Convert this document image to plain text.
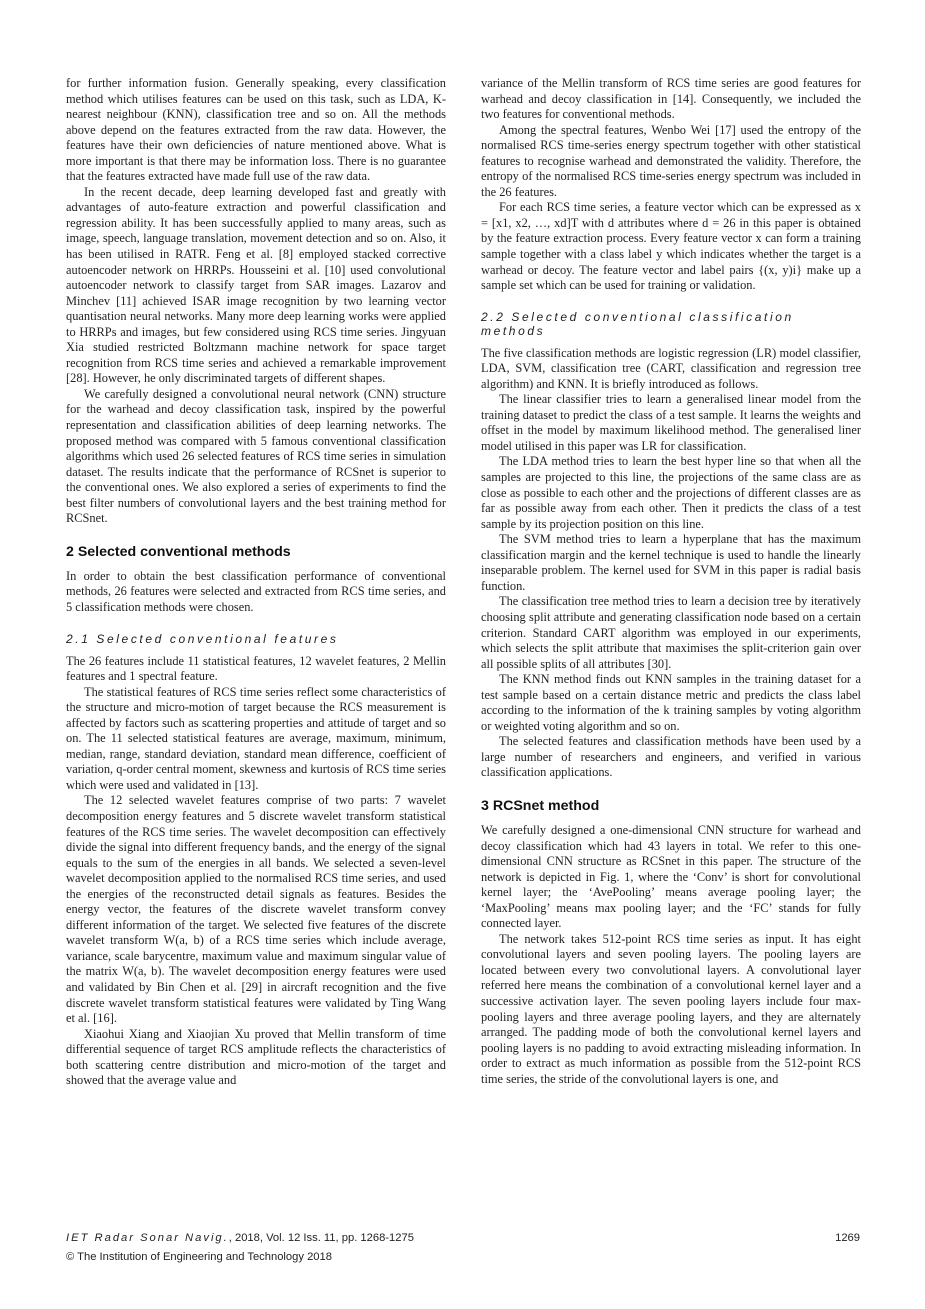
for further information fusion. Generally speaking, every classification method which utilises features can be used on this task, such as LDA, K-nearest neighbour (KNN), classification tree and so on. All the methods above depend on the features extracted from the raw data. However, the features have their own deficiencies of nature mentioned above. What is more important is that there may be information loss. There is no guarantee that the features extracted have made full use of the raw data.

In the recent decade, deep learning developed fast and greatly with advantages of auto-feature extraction and powerful classification and regression ability. It has been successfully applied to many areas, such as image, speech, language translation, movement detection and so on. Also, it has been utilised in RATR. Feng et al. [8] employed stacked corrective autoencoder network on HRRPs. Housseini et al. [10] used convolutional autoencoder network to classify target from SAR images. Lazarov and Minchev [11] achieved ISAR image recognition by two learning vector quantisation neural networks. Many more deep learning works were applied to HRRPs and images, but few considered using RCS time series. Jingyuan Xia studied restricted Boltzmann machine network for space target recognition from RCS time series and achieved a remarkable improvement [28]. However, he only discriminated targets of different shapes.

We carefully designed a convolutional neural network (CNN) structure for the warhead and decoy classification task, inspired by the powerful representation and classification abilities of deep learning networks. The proposed method was compared with 5 famous conventional classification algorithms which used 26 selected features of RCS time series in simulation dataset. The results indicate that the performance of RCSnet is superior to the conventional ones. We also explored a series of experiments to find the best filter numbers of convolutional layers and the best training method for RCSnet.

2 Selected conventional methods

In order to obtain the best classification performance of conventional methods, 26 features were selected and extracted from RCS time series, and 5 classification methods were chosen.

2.1 Selected conventional features

The 26 features include 11 statistical features, 12 wavelet features, 2 Mellin features and 1 spectral feature.

The statistical features of RCS time series reflect some characteristics of the structure and micro-motion of target because the RCS measurement is affected by factors such as scattering properties and attitude of target and so on. The 11 selected statistical features are average, maximum, minimum, median, range, standard deviation, standard mean difference, coefficient of variation, q-order central moment, skewness and kurtosis of RCS time series which were used and validated in [13].

The 12 selected wavelet features comprise of two parts: 7 wavelet decomposition energy features and 5 discrete wavelet transform statistical features of the RCS time series. The wavelet decomposition can effectively divide the signal into different frequency bands, and the energy of the signal equals to the sum of the energies in all bands. We selected a seven-level wavelet decomposition applied to the normalised RCS time series, and used the energies of the reconstructed detail signals as features. Besides the energy vector, the features of the discrete wavelet transform convey different information of the target. We selected five features of the discrete wavelet transform W(a, b) of a RCS time series which include average, variance, scale barycentre, maximum value and maximum singular value of the matrix W(a, b). The wavelet decomposition energy features were used and validated by Bin Chen et al. [29] in aircraft recognition and the five discrete wavelet transform statistical features were validated by Ting Wang et al. [16].

Xiaohui Xiang and Xiaojian Xu proved that Mellin transform of time differential sequence of target RCS amplitude reflects the characteristics of both scattering centre distribution and micro-motion of the target and showed that the average value and

variance of the Mellin transform of RCS time series are good features for warhead and decoy classification in [14]. Consequently, we included the two features for conventional methods.

Among the spectral features, Wenbo Wei [17] used the entropy of the normalised RCS time-series energy spectrum together with other statistical features to recognise warhead and demonstrated the validity. Therefore, the entropy of the normalised RCS time-series energy spectrum was included in the 26 features.

For each RCS time series, a feature vector which can be expressed as x = [x1, x2, …, xd]T with d attributes where d = 26 in this paper is obtained by the feature extraction process. Every feature vector x can form a training sample together with a class label y which indicates whether the target is a warhead or decoy. The feature vector and label pairs {(x, y)i} make up a sample set which can be used for training or validation.

2.2 Selected conventional classification methods

The five classification methods are logistic regression (LR) model classifier, LDA, SVM, classification tree (CART, classification and regression tree algorithm) and KNN. It is briefly introduced as follows.

The linear classifier tries to learn a generalised linear model from the training dataset to predict the class of a test sample. It learns the weights and offset in the model by maximum likelihood method. The generalised liner model utilised in this paper was LR for classification.

The LDA method tries to learn the best hyper line so that when all the samples are projected to this line, the projections of the same class are as close as possible to each other and the projections of different classes are as far as possible away from each other. Then it predicts the class of a test sample by its projection position on this line.

The SVM method tries to learn a hyperplane that has the maximum classification margin and the kernel technique is used to handle the linearly inseparable problem. The kernel used for SVM in this paper is radial basis function.

The classification tree method tries to learn a decision tree by iteratively choosing split attribute and generating classification node based on a certain criterion. Standard CART algorithm was employed in our experiments, which selects the split attribute that maximises the split-criterion gain over all possible splits of all attributes [30].

The KNN method finds out KNN samples in the training dataset for a test sample based on a certain distance metric and predicts the class label according to the information of the k training samples by voting algorithm or weighted voting algorithm and so on.

The selected features and classification methods have been used by a large number of researchers and engineers, and verified in various classification applications.

3 RCSnet method

We carefully designed a one-dimensional CNN structure for warhead and decoy classification which had 43 layers in total. We refer to this one-dimensional CNN structure as RCSnet in this paper. The structure of the network is depicted in Fig. 1, where the ‘Conv’ is short for convolutional kernel layer; the ‘AvePooling’ means average pooling layer; the ‘MaxPooling’ means max pooling layer; and the ‘FC’ stands for fully connected layer.

The network takes 512-point RCS time series as input. It has eight convolutional layers and seven pooling layers. The pooling layers are located between every two convolutional layers. A convolutional layer referred here means the combination of a convolutional kernel layer and a successive activation layer. The seven pooling layers include four max-pooling layers and three average pooling layers, and they are alternately arranged. The padding mode of both the convolutional kernel layers and pooling layers is no padding to avoid extracting misleading information. In order to extract as much information as possible from the 512-point RCS time series, the stride of the convolutional layers is one, and

IET Radar Sonar Navig., 2018, Vol. 12 Iss. 11, pp. 1268-1275
© The Institution of Engineering and Technology 2018
1269
